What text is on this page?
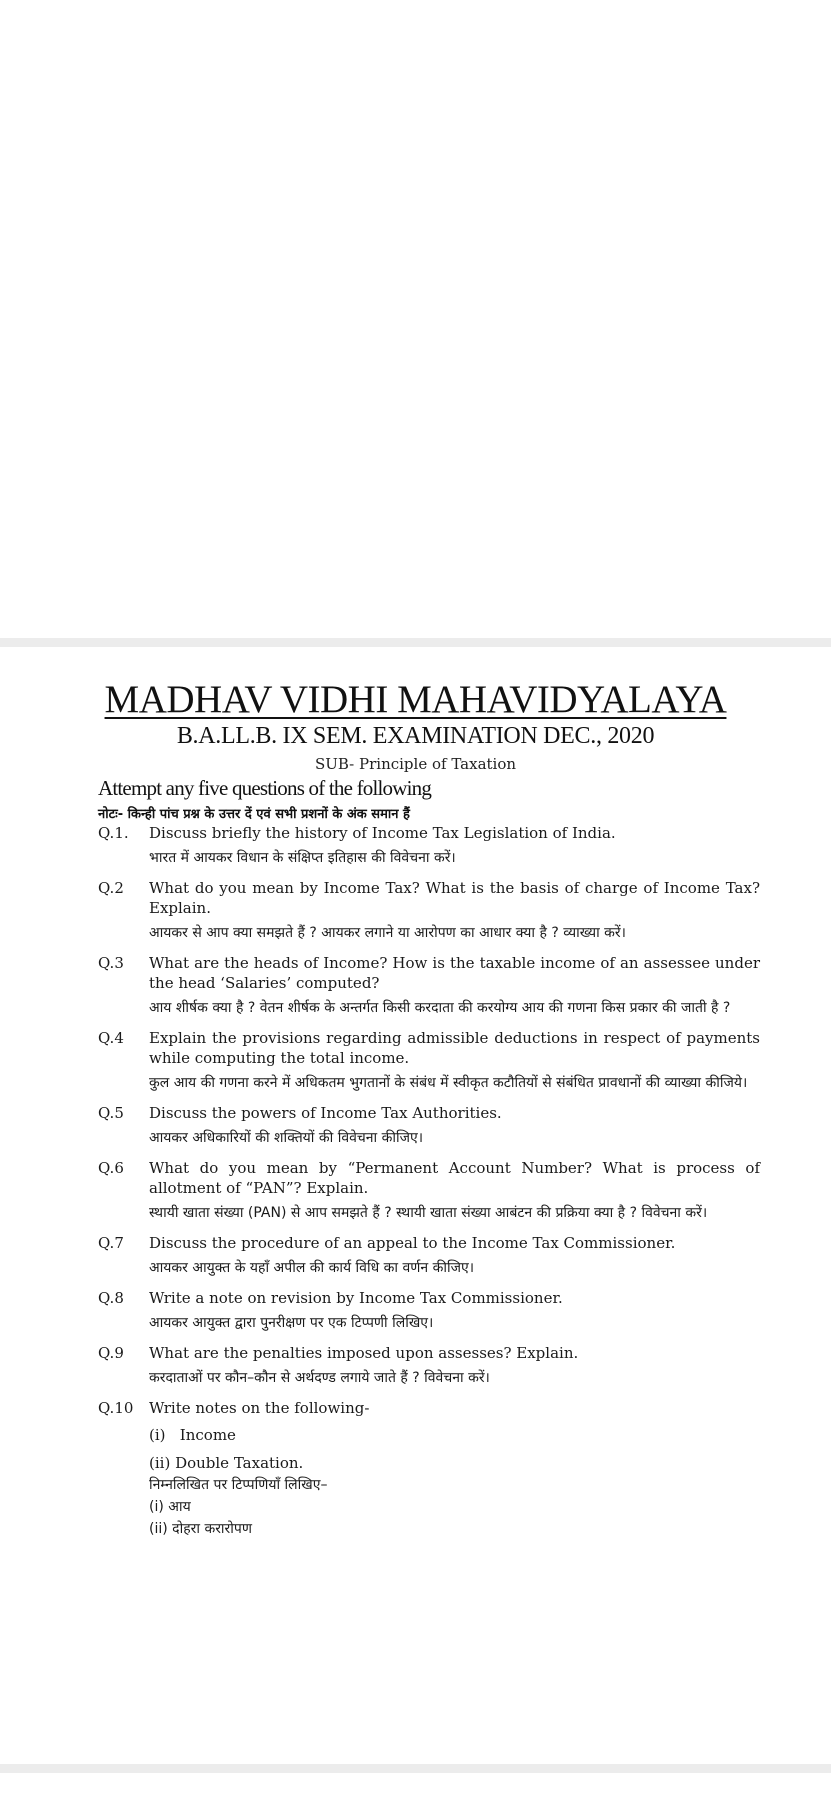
MADHAV VIDHI MAHAVIDYALAYA
B.A.LL.B. IX SEM. EXAMINATION DEC., 2020
SUB- Principle of Taxation
Attempt any five questions of the following
नोटः- किन्ही पांच प्रश्न के उत्तर दें एवं सभी प्रशनों के अंक समान हैं
Q.1.	Discuss briefly the history of Income Tax Legislation of India.

भारत में आयकर विधान के संक्षिप्त इतिहास की विवेचना करें।

Q.2	What do you mean by Income Tax? What is the basis of charge of Income Tax? Explain.

आयकर से आप क्या समझते हैं ? आयकर लगाने या आरोपण का आधार क्या है ? व्याख्या करें।

Q.3	What are the heads of Income? How is the taxable income of an assessee under the head ‘Salaries’ computed?

आय शीर्षक क्या है ? वेतन शीर्षक के अन्तर्गत किसी करदाता की करयोग्य आय की गणना किस प्रकार की जाती है ?

Q.4	Explain the provisions regarding admissible deductions in respect of payments while computing the total income.

कुल आय की गणना करने में अधिकतम भुगतानों के संबंध में स्वीकृत कटौतियों से संबंधित प्रावधानों की व्याख्या कीजिये।

Q.5	Discuss the powers of Income Tax Authorities.

आयकर अधिकारियों की शक्तियों की विवेचना कीजिए।

Q.6	What do you mean by “Permanent Account Number? What is process of allotment of “PAN”? Explain.

स्थायी खाता संख्या (PAN) से आप समझते हैं ? स्थायी खाता संख्या आबंटन की प्रक्रिया क्या है ? विवेचना करें।

Q.7	Discuss the procedure of an appeal to the Income Tax Commissioner.

आयकर आयुक्त के यहाँ अपील की कार्य विधि का वर्णन कीजिए।

Q.8	Write a note on revision by Income Tax Commissioner.

आयकर आयुक्त द्वारा पुनरीक्षण पर एक टिप्पणी लिखिए।

Q.9	What are the penalties imposed upon assesses? Explain.

करदाताओं पर कौन–कौन से अर्थदण्ड लगाये जाते हैं ? विवेचना करें।

Q.10	Write notes on the following-

(i)   Income

(ii) Double Taxation.

निम्नलिखित पर टिप्पणियाँ लिखिए–

(i) आय

(ii) दोहरा करारोपण
